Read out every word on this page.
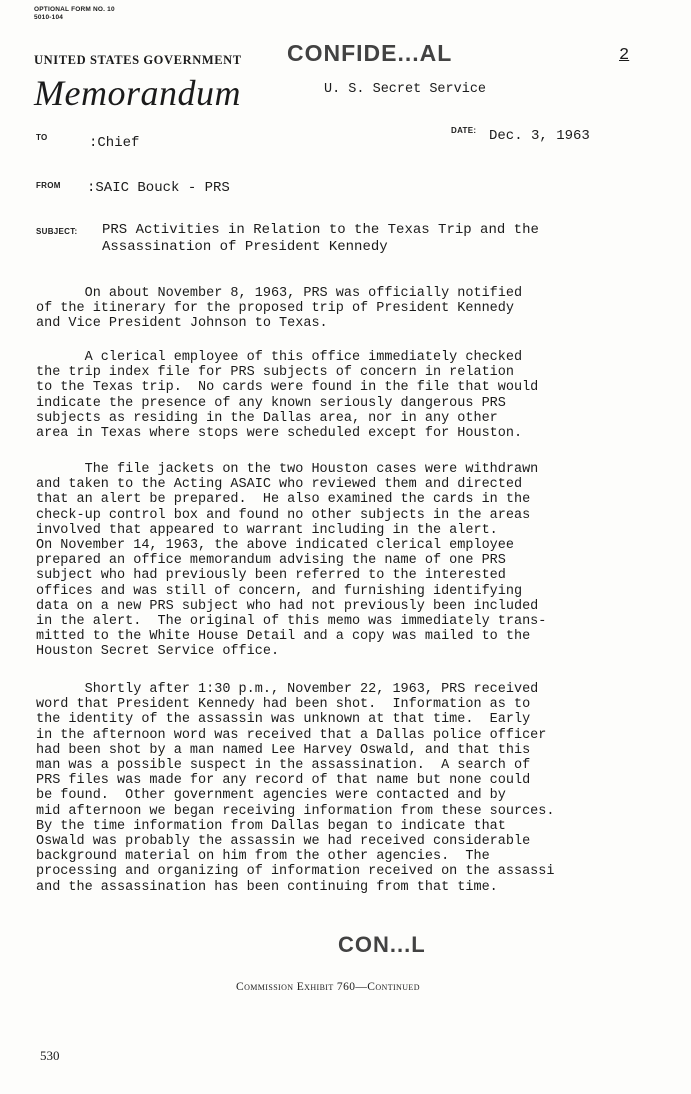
OPTIONAL FORM NO. 10
5010-104
UNITED STATES GOVERNMENT
Memorandum
CONFIDE...AL	2
U. S. Secret Service
TO	:Chief
DATE: Dec. 3, 1963
FROM :SAIC Bouck - PRS
SUBJECT: PRS Activities in Relation to the Texas Trip and the
Assassination of President Kennedy

On about November 8, 1963, PRS was officially notified
of the itinerary for the proposed trip of President Kennedy
and Vice President Johnson to Texas.

A clerical employee of this office immediately checked
the trip index file for PRS subjects of concern in relation
to the Texas trip.  No cards were found in the file that would
indicate the presence of any known seriously dangerous PRS
subjects as residing in the Dallas area, nor in any other
area in Texas where stops were scheduled except for Houston.

The file jackets on the two Houston cases were withdrawn
and taken to the Acting ASAIC who reviewed them and directed
that an alert be prepared.  He also examined the cards in the
check-up control box and found no other subjects in the areas
involved that appeared to warrant including in the alert.
On November 14, 1963, the above indicated clerical employee
prepared an office memorandum advising the name of one PRS
subject who had previously been referred to the interested
offices and was still of concern, and furnishing identifying
data on a new PRS subject who had not previously been included
in the alert.  The original of this memo was immediately trans-
mitted to the White House Detail and a copy was mailed to the
Houston Secret Service office.

Shortly after 1:30 p.m., November 22, 1963, PRS received
word that President Kennedy had been shot.  Information as to
the identity of the assassin was unknown at that time.  Early
in the afternoon word was received that a Dallas police officer
had been shot by a man named Lee Harvey Oswald, and that this
man was a possible suspect in the assassination.  A search of
PRS files was made for any record of that name but none could
be found.  Other government agencies were contacted and by
mid afternoon we began receiving information from these sources.
By the time information from Dallas began to indicate that
Oswald was probably the assassin we had received considerable
background material on him from the other agencies.  The
processing and organizing of information received on the assassi
and the assassination has been continuing from that time.

CON...L
Commission Exhibit 760—Continued
530
